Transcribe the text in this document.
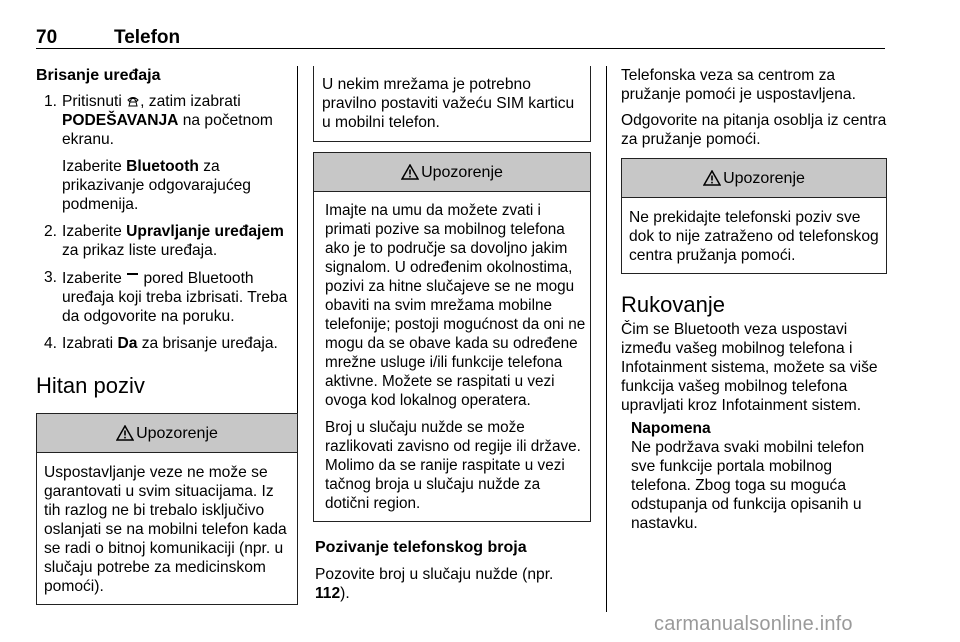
70	Telefon
Brisanje uređaja
1. Pritisnuti , zatim izabrati
PODEŠAVANJA na početnom ekranu.

Izaberite Bluetooth za prikazivanje odgovarajućeg podmenija.

2. Izaberite Upravljanje uređajem za prikaz liste uređaja.
3. Izaberite  pored Bluetooth uređaja koji treba izbrisati. Treba da odgovorite na poruku.
4. Izabrati Da za brisanje uređaja.
Hitan poziv
Upozorenje

Uspostavljanje veze ne može se garantovati u svim situacijama. Iz tih razlog ne bi trebalo isključivo oslanjati se na mobilni telefon kada se radi o bitnoj komunikaciji (npr. u slučaju potrebe za medicinskom pomoći).

U nekim mrežama je potrebno pravilno postaviti važeću SIM karticu u mobilni telefon.

Upozorenje

Imajte na umu da možete zvati i primati pozive sa mobilnog telefona ako je to područje sa dovoljno jakim signalom. U određenim okolnostima, pozivi za hitne slučajeve se ne mogu obaviti na svim mrežama mobilne telefonije; postoji mogućnost da oni ne mogu da se obave kada su određene mrežne usluge i/ili funkcije telefona aktivne. Možete se raspitati u vezi ovoga kod lokalnog operatera.

Broj u slučaju nužde se može razlikovati zavisno od regije ili države. Molimo da se ranije raspitate u vezi tačnog broja u slučaju nužde za dotični region.

Pozivanje telefonskog broja

Pozovite broj u slučaju nužde (npr. 112).

Telefonska veza sa centrom za pružanje pomoći je uspostavljena.

Odgovorite na pitanja osoblja iz centra za pružanje pomoći.

Upozorenje

Ne prekidajte telefonski poziv sve dok to nije zatraženo od telefonskog centra pružanja pomoći.

Rukovanje

Čim se Bluetooth veza uspostavi između vašeg mobilnog telefona i Infotainment sistema, možete sa više funkcija vašeg mobilnog telefona upravljati kroz Infotainment sistem.

Napomena

Ne podržava svaki mobilni telefon sve funkcije portala mobilnog telefona. Zbog toga su moguća odstupanja od funkcija opisanih u nastavku.

carmanualsonline.info
